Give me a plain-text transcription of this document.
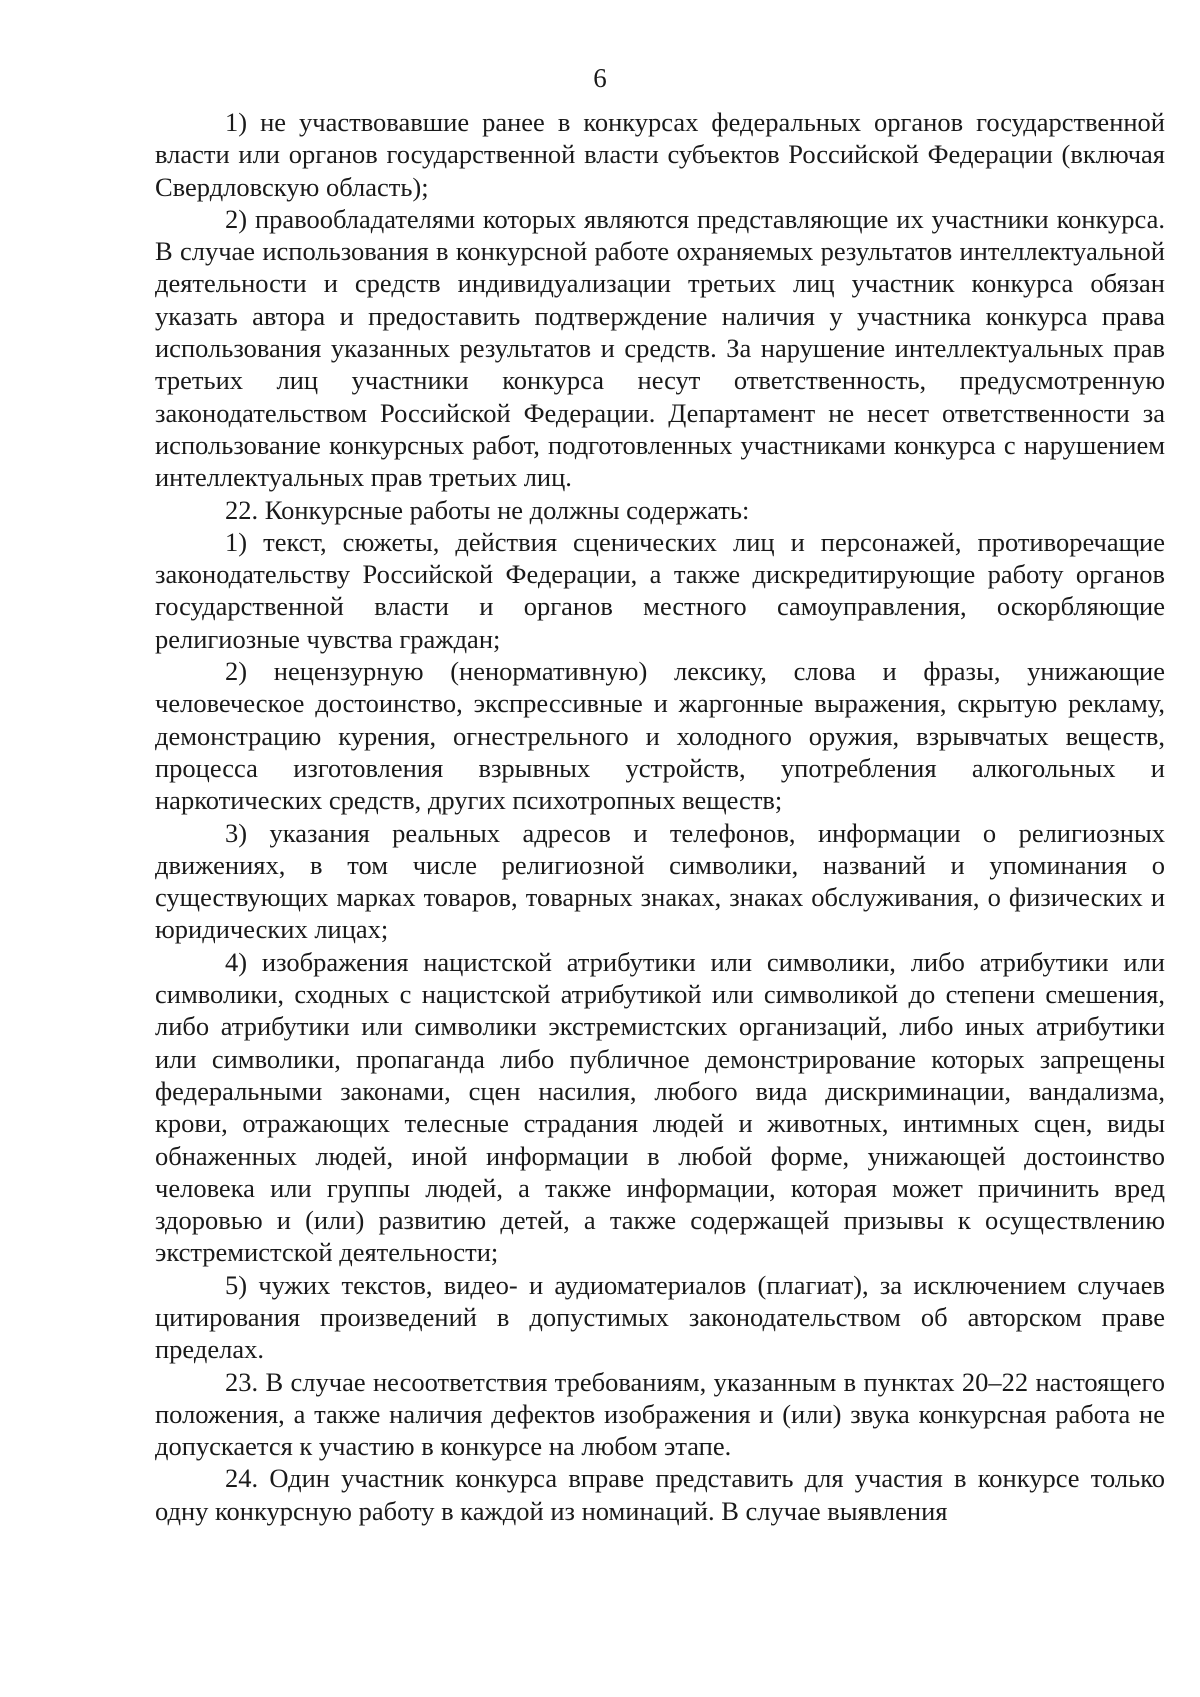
6

1) не участвовавшие ранее в конкурсах федеральных органов государственной власти или органов государственной власти субъектов Российской Федерации (включая Свердловскую область);

2) правообладателями которых являются представляющие их участники конкурса. В случае использования в конкурсной работе охраняемых результатов интеллектуальной деятельности и средств индивидуализации третьих лиц участник конкурса обязан указать автора и предоставить подтверждение наличия у участника конкурса права использования указанных результатов и средств. За нарушение интеллектуальных прав третьих лиц участники конкурса несут ответственность, предусмотренную законодательством Российской Федерации. Департамент не несет ответственности за использование конкурсных работ, подготовленных участниками конкурса с нарушением интеллектуальных прав третьих лиц.

22. Конкурсные работы не должны содержать:

1) текст, сюжеты, действия сценических лиц и персонажей, противоречащие законодательству Российской Федерации, а также дискредитирующие работу органов государственной власти и органов местного самоуправления, оскорбляющие религиозные чувства граждан;

2) нецензурную (ненормативную) лексику, слова и фразы, унижающие человеческое достоинство, экспрессивные и жаргонные выражения, скрытую рекламу, демонстрацию курения, огнестрельного и холодного оружия, взрывчатых веществ, процесса изготовления взрывных устройств, употребления алкогольных и наркотических средств, других психотропных веществ;

3) указания реальных адресов и телефонов, информации о религиозных движениях, в том числе религиозной символики, названий и упоминания о существующих марках товаров, товарных знаках, знаках обслуживания, о физических и юридических лицах;

4) изображения нацистской атрибутики или символики, либо атрибутики или символики, сходных с нацистской атрибутикой или символикой до степени смешения, либо атрибутики или символики экстремистских организаций, либо иных атрибутики или символики, пропаганда либо публичное демонстрирование которых запрещены федеральными законами, сцен насилия, любого вида дискриминации, вандализма, крови, отражающих телесные страдания людей и животных, интимных сцен, виды обнаженных людей, иной информации в любой форме, унижающей достоинство человека или группы людей, а также информации, которая может причинить вред здоровью и (или) развитию детей, а также содержащей призывы к осуществлению экстремистской деятельности;

5) чужих текстов, видео- и аудиоматериалов (плагиат), за исключением случаев цитирования произведений в допустимых законодательством об авторском праве пределах.

23. В случае несоответствия требованиям, указанным в пунктах 20–22 настоящего положения, а также наличия дефектов изображения и (или) звука конкурсная работа не допускается к участию в конкурсе на любом этапе.

24. Один участник конкурса вправе представить для участия в конкурсе только одну конкурсную работу в каждой из номинаций. В случае выявления
